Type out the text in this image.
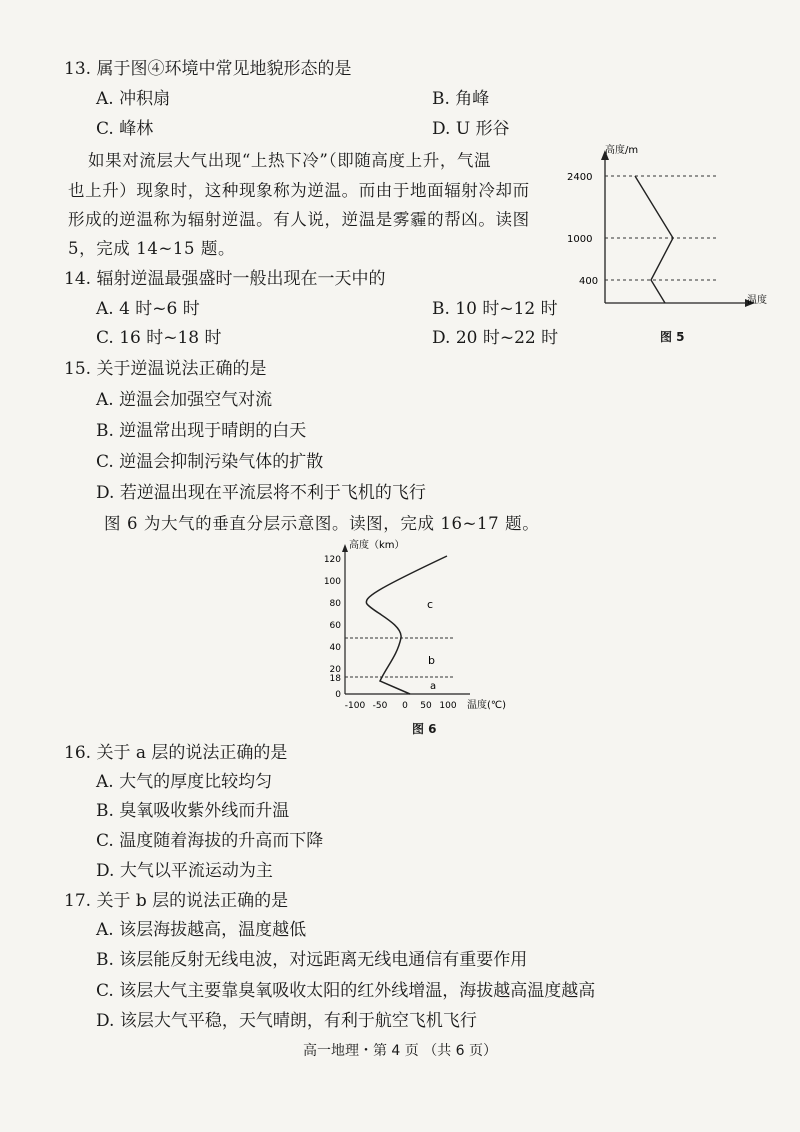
13. 属于图④环境中常见地貌形态的是
A. 冲积扇	B. 角峰
C. 峰林	D. U 形谷
如果对流层大气出现“上热下冷”（即随高度上升，气温
也上升）现象时，这种现象称为逆温。而由于地面辐射冷却而
形成的逆温称为辐射逆温。有人说，逆温是雾霾的帮凶。读图
5，完成 14~15 题。
高度/m
温度
2400
1000
400
图 5
14. 辐射逆温最强盛时一般出现在一天中的
A. 4 时~6 时	B. 10 时~12 时
C. 16 时~18 时	D. 20 时~22 时
15. 关于逆温说法正确的是
A. 逆温会加强空气对流
B. 逆温常出现于晴朗的白天
C. 逆温会抑制污染气体的扩散
D. 若逆温出现在平流层将不利于飞机的飞行
图 6 为大气的垂直分层示意图。读图，完成 16~17 题。
高度（km）
温度(℃)
120
100
80
60
40
20
18
0
-100 -50 0 50 100
a
b
c
图 6
16. 关于 a 层的说法正确的是
A. 大气的厚度比较均匀
B. 臭氧吸收紫外线而升温
C. 温度随着海拔的升高而下降
D. 大气以平流运动为主
17. 关于 b 层的说法正确的是
A. 该层海拔越高，温度越低
B. 该层能反射无线电波，对远距离无线电通信有重要作用
C. 该层大气主要靠臭氧吸收太阳的红外线增温，海拔越高温度越高
D. 该层大气平稳，天气晴朗，有利于航空飞机飞行
高一地理・第 4 页 （共 6 页）
